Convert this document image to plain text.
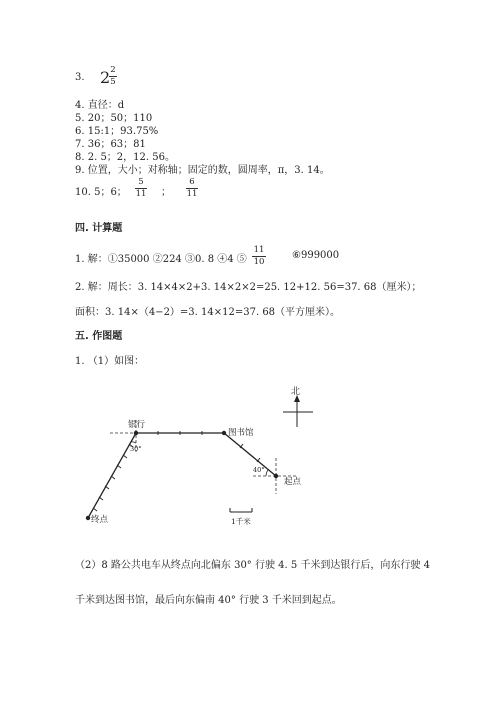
3. 2 2
5
4. 直径：d
5. 20；50；110
6. 15:1；93.75%
7. 36；63；81
8. 2. 5；2，12. 56。
9. 位置，大小；对称轴；固定的数，圆周率，π，3. 14。
10. 5；6；
5
11 ；
6
11
四. 计算题
1. 解：①35000 ②224 ③0. 8 ④4 ⑤
11
10
⑥999000
2. 解：周长：3. 14×4×2+3. 14×2×2=25. 12+12. 56=37. 68（厘米）；
面积：3. 14×（4−2）=3. 14×12=37. 68（平方厘米）。
五. 作图题
1. （1）如图：
北
银行
图书馆
起点
终点
30°
40°
1千米
（2）8 路公共电车从终点向北偏东 30° 行驶 4. 5 千米到达银行后，向东行驶 4
千米到达图书馆，最后向东偏南 40° 行驶 3 千米回到起点。
